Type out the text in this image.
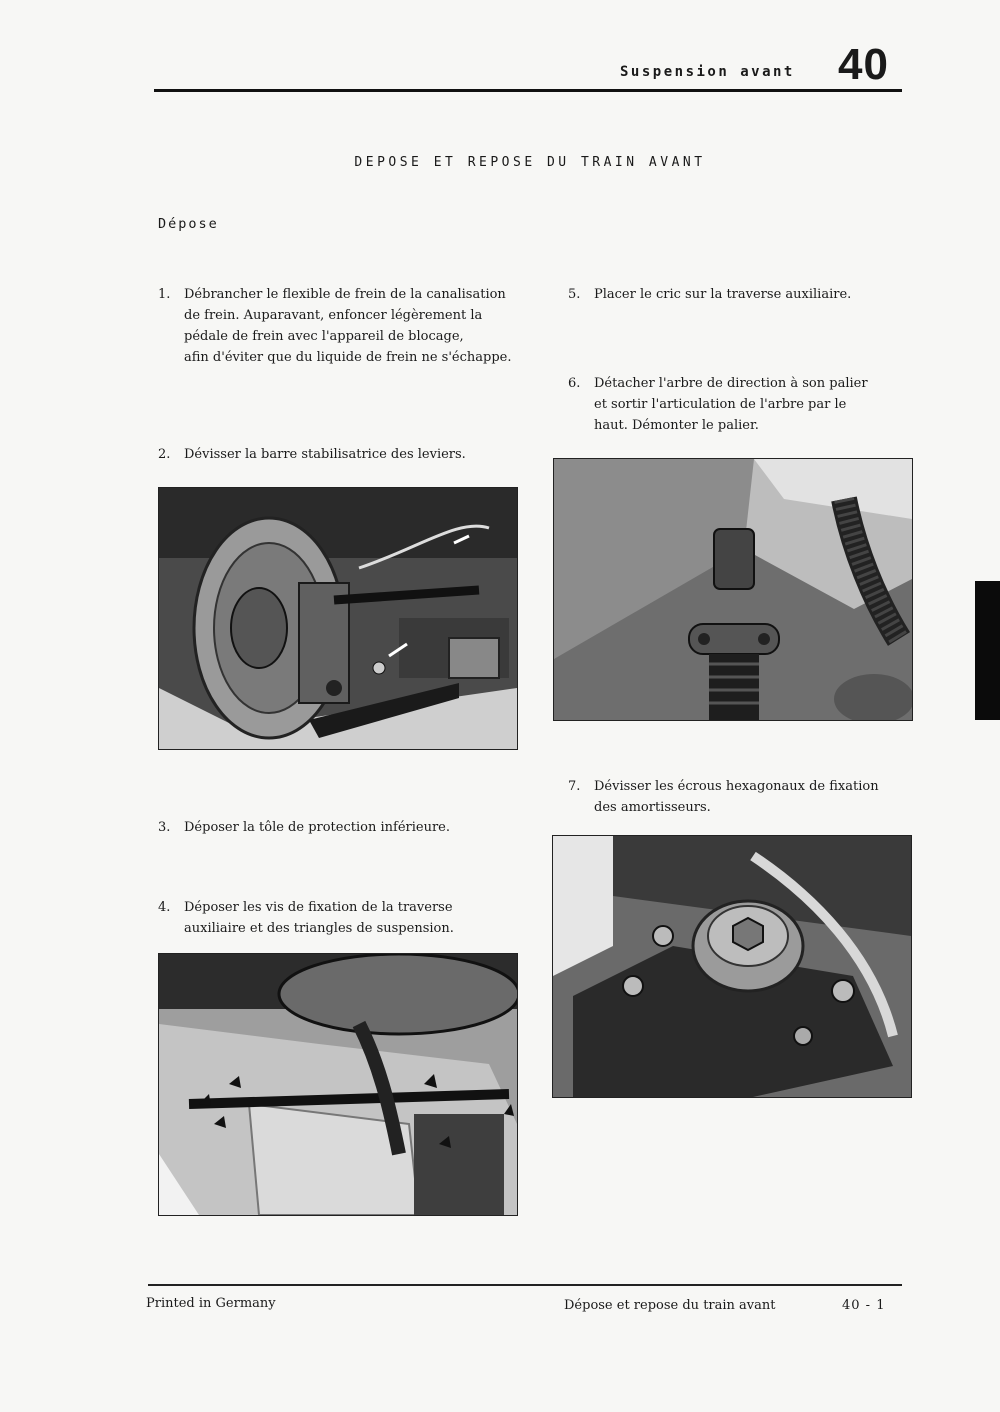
Suspension avant 40
DEPOSE ET REPOSE DU TRAIN AVANT
Dépose
1.	Débrancher le flexible de frein de la canalisation
de frein. Auparavant, enfoncer légèrement la
pédale de frein avec l'appareil de blocage,
afin d'éviter que du liquide de frein ne s'échappe.
2.	Dévisser la barre stabilisatrice des leviers.
3.	Déposer la tôle de protection inférieure.
4.	Déposer les vis de fixation de la traverse
auxiliaire et des triangles de suspension.
5.	Placer le cric sur la traverse auxiliaire.
6.	Détacher l'arbre de direction à son palier
et sortir l'articulation de l'arbre par le
haut. Démonter le palier.
7.	Dévisser les écrous hexagonaux de fixation
des amortisseurs.
Printed in Germany	Dépose et repose du train avant	40 - 1
